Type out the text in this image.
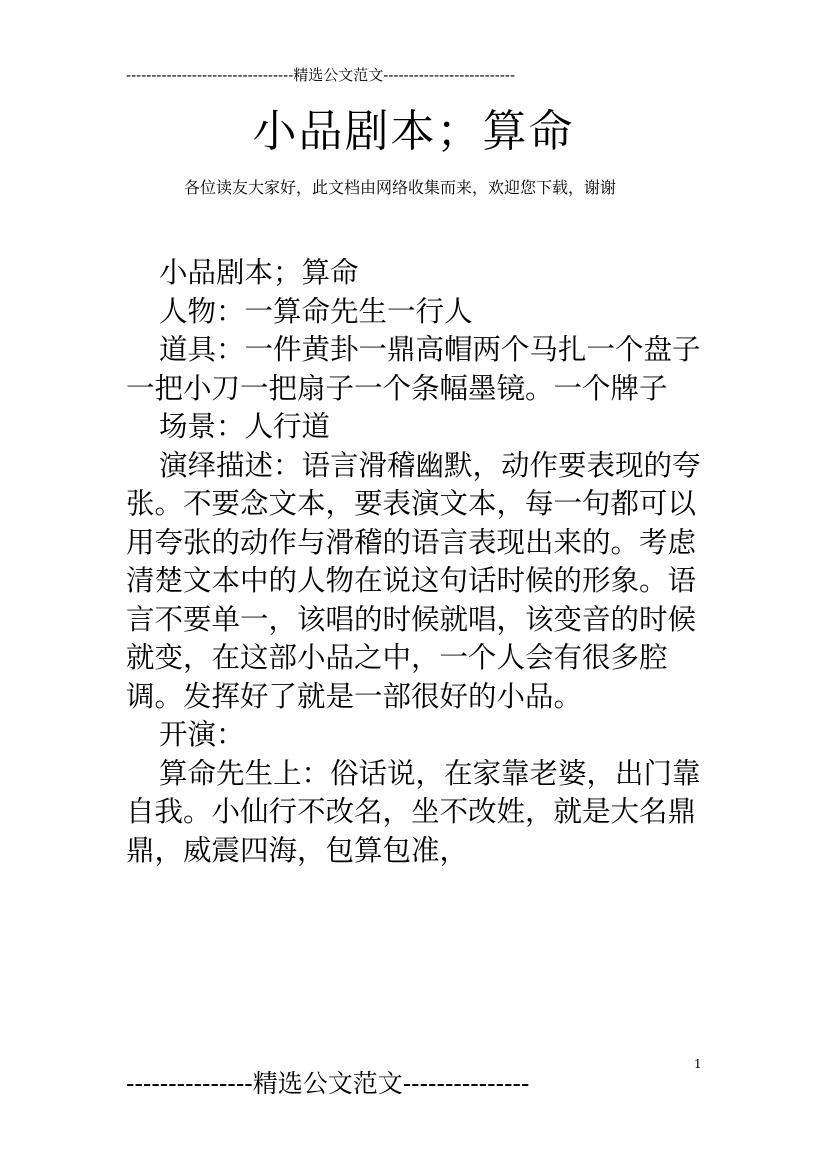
---------------------------------精选公文范文--------------------------
小品剧本；算命
各位读友大家好，此文档由网络收集而来，欢迎您下载，谢谢

小品剧本；算命

人物：一算命先生一行人

道具：一件黄卦一鼎高帽两个马扎一个盘子一把小刀一把扇子一个条幅墨镜。一个牌子

场景：人行道

演绎描述：语言滑稽幽默，动作要表现的夸张。不要念文本，要表演文本，每一句都可以用夸张的动作与滑稽的语言表现出来的。考虑清楚文本中的人物在说这句话时候的形象。语言不要单一，该唱的时候就唱，该变音的时候就变，在这部小品之中，一个人会有很多腔调。发挥好了就是一部很好的小品。

开演：

算命先生上：俗话说，在家靠老婆，出门靠自我。小仙行不改名，坐不改姓，就是大名鼎鼎，威震四海，包算包准，

1
---------------精选公文范文---------------
